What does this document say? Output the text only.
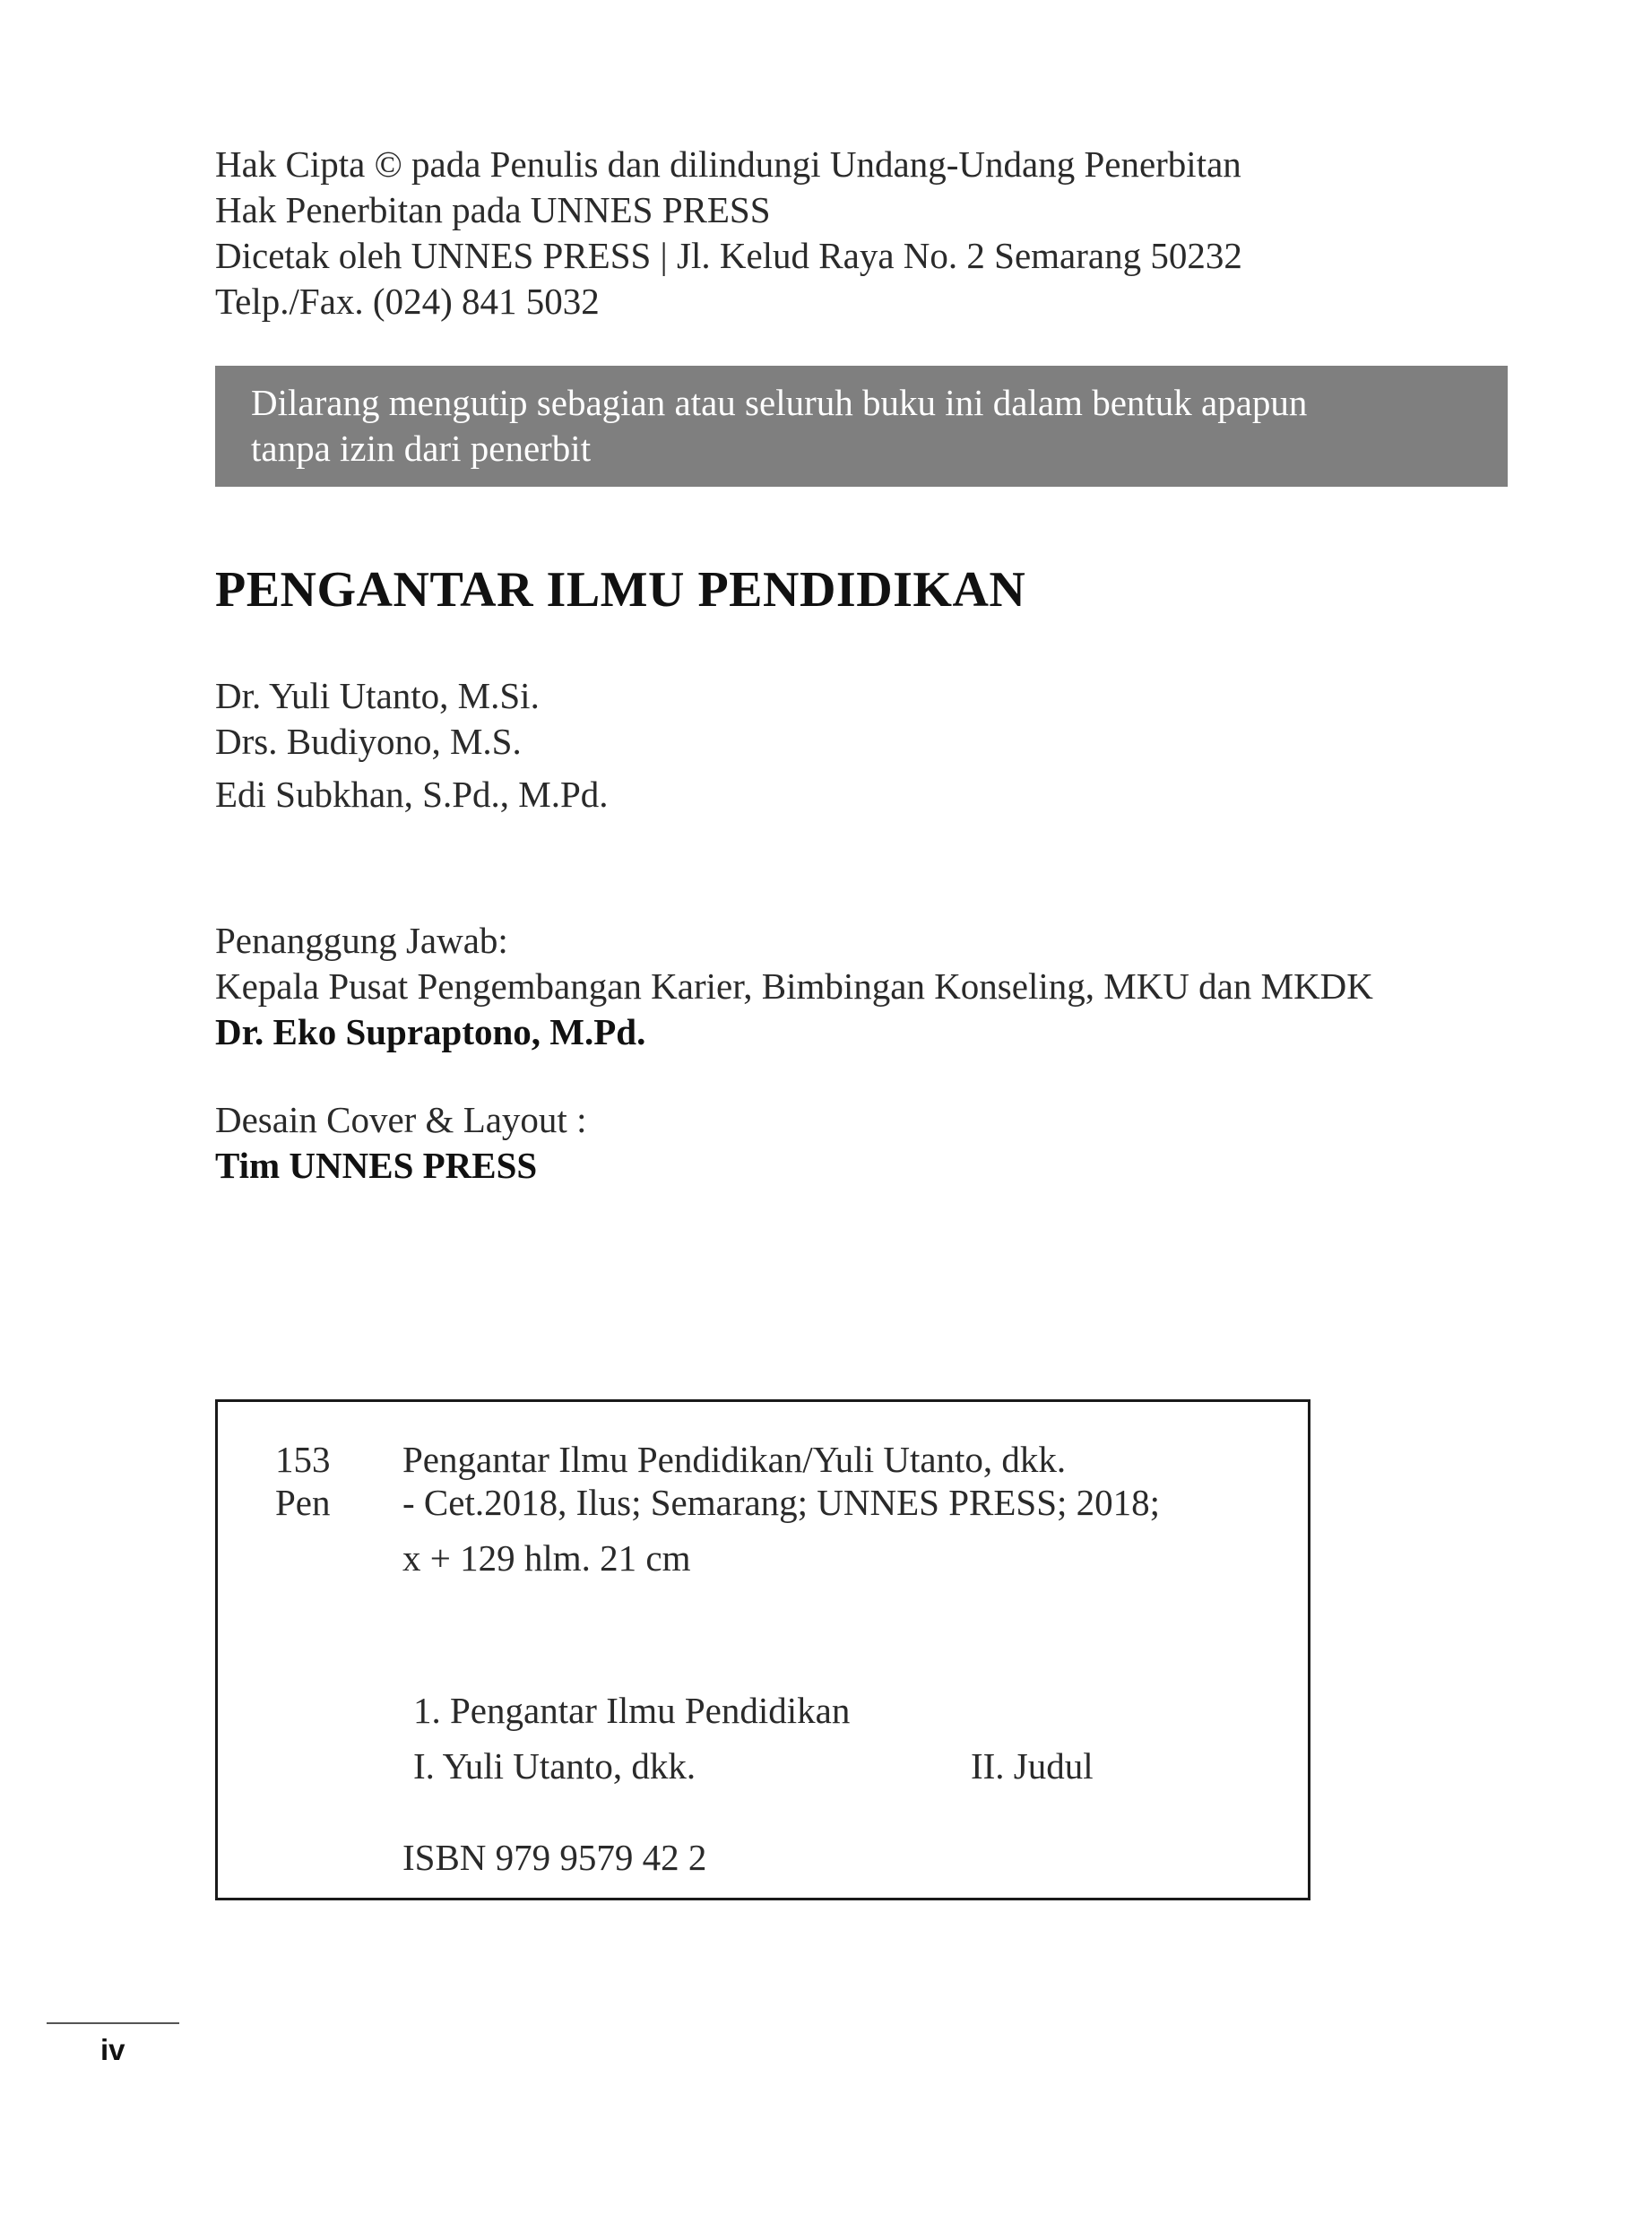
Hak Cipta © pada Penulis dan dilindungi Undang-Undang Penerbitan
Hak Penerbitan pada UNNES PRESS
Dicetak oleh UNNES PRESS | Jl. Kelud Raya No. 2 Semarang 50232
Telp./Fax. (024) 841 5032
Dilarang mengutip sebagian atau seluruh buku ini dalam bentuk apapun
tanpa izin dari penerbit
PENGANTAR ILMU PENDIDIKAN
Dr. Yuli Utanto, M.Si.
Drs. Budiyono, M.S.
Edi Subkhan, S.Pd., M.Pd.
Penanggung Jawab:
Kepala Pusat Pengembangan Karier, Bimbingan Konseling, MKU dan MKDK
Dr. Eko Supraptono, M.Pd.
Desain Cover & Layout :
Tim UNNES PRESS
153
Pen
Pengantar Ilmu Pendidikan/Yuli Utanto, dkk.
- Cet.2018, Ilus; Semarang; UNNES PRESS; 2018;
x + 129 hlm. 21 cm
1. Pengantar Ilmu Pendidikan
I. Yuli Utanto, dkk.	II. Judul
ISBN 979 9579 42 2
iv
